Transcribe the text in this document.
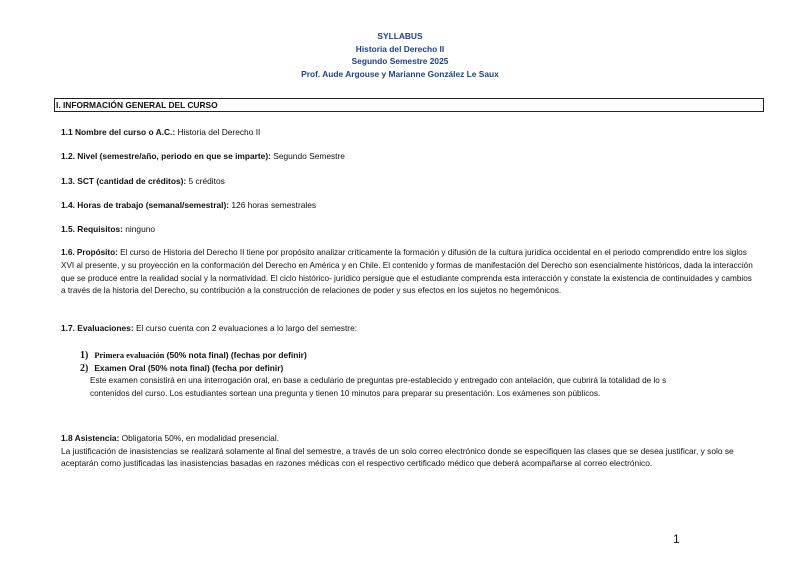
SYLLABUS
Historia del Derecho II
Segundo Semestre 2025
Prof. Aude Argouse y Marianne González Le Saux
I. INFORMACIÓN GENERAL DEL CURSO
1.1 Nombre del curso o A.C.: Historia del Derecho II
1.2. Nivel (semestre/año, periodo en que se imparte): Segundo Semestre
1.3. SCT (cantidad de créditos): 5 créditos
1.4. Horas de trabajo (semanal/semestral): 126 horas semestrales
1.5. Requisitos: ninguno
1.6. Propósito: El curso de Historia del Derecho II tiene por propósito analizar críticamente la formación y difusión de la cultura jurídica occidental en el periodo comprendido entre los siglos XVI al presente, y su proyección en la conformación del Derecho en América y en Chile. El contenido y formas de manifestación del Derecho son esencialmente históricos, dada la interacción que se produce entre la realidad social y la normatividad. El ciclo histórico- jurídico persigue que el estudiante comprenda esta interacción y constate la existencia de continuidades y cambios a través de la historia del Derecho, su contribución a la construcción de relaciones de poder y sus efectos en los sujetos no hegemónicos.
1.7. Evaluaciones: El curso cuenta con 2 evaluaciones a lo largo del semestre:
1) Primera evaluación (50% nota final) (fechas por definir)
2) Examen Oral (50% nota final) (fecha por definir)
Este examen consistirá en una interrogación oral, en base a cedulario de preguntas pre-establecido y entregado con antelación, que cubrirá la totalidad de lo s contenidos del curso. Los estudiantes sortean una pregunta y tienen 10 minutos para preparar su presentación. Los exámenes son públicos.
1.8 Asistencia: Obligatoria 50%, en modalidad presencial.
La justificación de inasistencias se realizará solamente al final del semestre, a través de un solo correo electrónico donde se especifiquen las clases que se desea justificar, y solo se aceptarán como justificadas las inasistencias basadas en razones médicas con el respectivo certificado médico que deberá acompañarse al correo electrónico.
1
